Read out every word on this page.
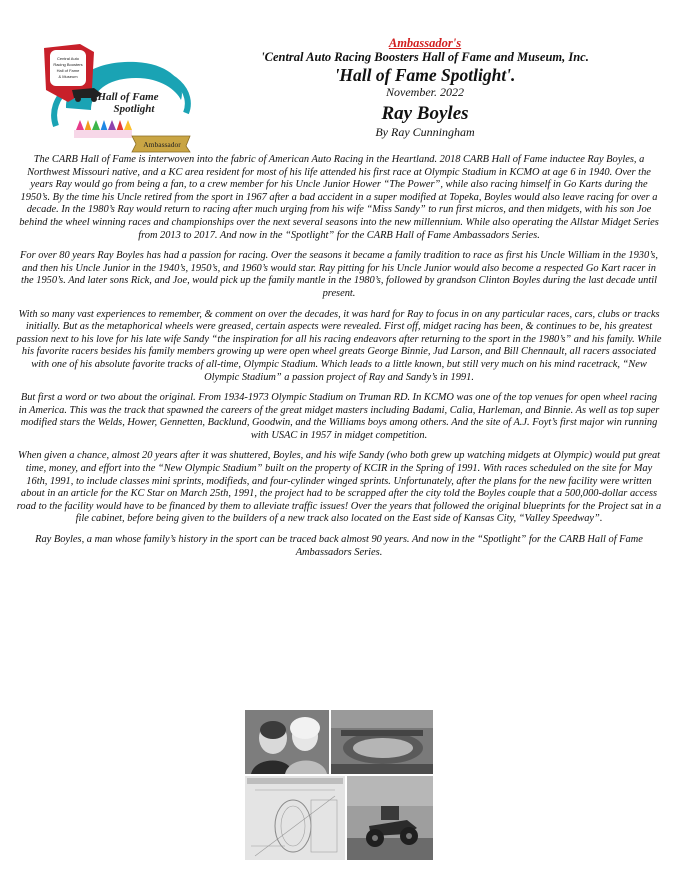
Central Auto
Racing Boosters
Hall of Fame
& Museum
Hall of Fame
Spotlight
Ambassador
Ambassador's
'Central Auto Racing Boosters Hall of Fame and Museum, Inc.
'Hall of Fame Spotlight'.
November. 2022
Ray Boyles
By Ray Cunningham

The CARB Hall of Fame is interwoven into the fabric of American Auto Racing in the Heartland. 2018 CARB Hall of Fame inductee Ray Boyles, a Northwest Missouri native, and a KC area resident for most of his life attended his first race at Olympic Stadium in KCMO at age 6 in 1940. Over the years Ray would go from being a fan, to a crew member for his Uncle Junior Hower “The Power”, while also racing himself in Go Karts during the 1950’s. By the time his Uncle retired from the sport in 1967 after a bad accident in a super modified at Topeka, Boyles would also leave racing for over a decade. In the 1980’s Ray would return to racing after much urging from his wife “Miss Sandy” to run first micros, and then midgets, with his son Joe behind the wheel winning races and championships over the next several seasons into the new millennium. While also operating the Allstar Midget Series from 2013 to 2017. And now in the “Spotlight” for the CARB Hall of Fame Ambassadors Series.

For over 80 years Ray Boyles has had a passion for racing. Over the seasons it became a family tradition to race as first his Uncle William in the 1930’s, and then his Uncle Junior in the 1940’s, 1950’s, and 1960’s would star. Ray pitting for his Uncle Junior would also become a respected Go Kart racer in the 1950’s. And later sons Rick, and Joe, would pick up the family mantle in the 1980’s, followed by grandson Clinton Boyles during the last decade until present.

With so many vast experiences to remember, & comment on over the decades, it was hard for Ray to focus in on any particular races, cars, clubs or tracks initially. But as the metaphorical wheels were greased, certain aspects were revealed. First off, midget racing has been, & continues to be, his greatest passion next to his love for his late wife Sandy “the inspiration for all his racing endeavors after returning to the sport in the 1980’s” and his family. While his favorite racers besides his family members growing up were open wheel greats George Binnie, Jud Larson, and Bill Chennault, all racers associated with one of his absolute favorite tracks of all-time, Olympic Stadium. Which leads to a little known, but still very much on his mind racetrack, “New Olympic Stadium” a passion project of Ray and Sandy’s in 1991.

But first a word or two about the original. From 1934-1973 Olympic Stadium on Truman RD. In KCMO was one of the top venues for open wheel racing in America. This was the track that spawned the careers of the great midget masters including Badami, Calia, Harleman, and Binnie. As well as top super modified stars the Welds, Hower, Gennetten, Backlund, Goodwin, and the Williams boys among others. And the site of A.J. Foyt’s first major win running with USAC in 1957 in midget competition.

When given a chance, almost 20 years after it was shuttered, Boyles, and his wife Sandy (who both grew up watching midgets at Olympic) would put great time, money, and effort into the “New Olympic Stadium” built on the property of KCIR in the Spring of 1991. With races scheduled on the site for May 16th, 1991, to include classes mini sprints, modifieds, and four-cylinder winged sprints. Unfortunately, after the plans for the new facility were written about in an article for the KC Star on March 25th, 1991, the project had to be scrapped after the city told the Boyles couple that a 500,000-dollar access road to the facility would have to be financed by them to alleviate traffic issues! Over the years that followed the original blueprints for the Project sat in a file cabinet, before being given to the builders of a new track also located on the East side of Kansas City, “Valley Speedway”.

Ray Boyles, a man whose family’s history in the sport can be traced back almost 90 years. And now in the “Spotlight” for the CARB Hall of Fame Ambassadors Series.
